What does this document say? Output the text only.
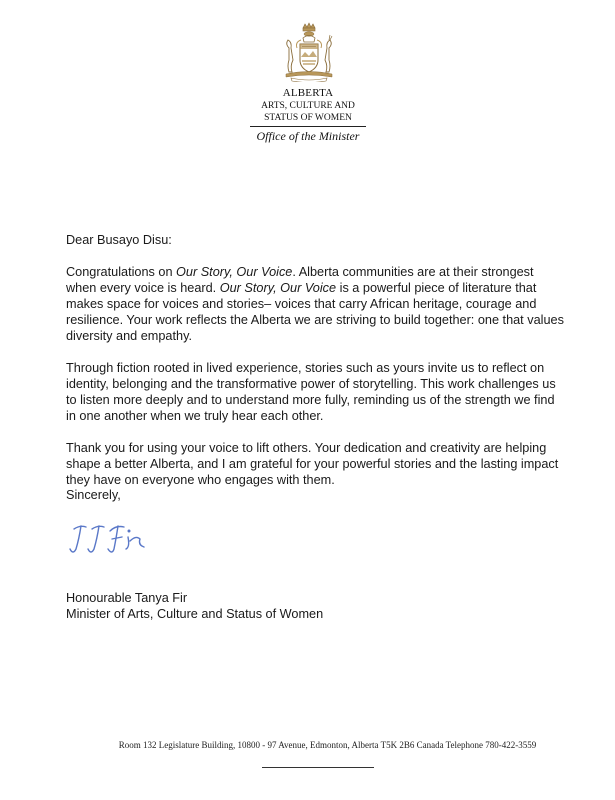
ALBERTA
ARTS, CULTURE AND
STATUS OF WOMEN
Office of the Minister
Dear Busayo Disu:
Congratulations on Our Story, Our Voice. Alberta communities are at their strongest when every voice is heard. Our Story, Our Voice is a powerful piece of literature that makes space for voices and stories– voices that carry African heritage, courage and resilience. Your work reflects the Alberta we are striving to build together: one that values diversity and empathy.
Through fiction rooted in lived experience, stories such as yours invite us to reflect on identity, belonging and the transformative power of storytelling. This work challenges us to listen more deeply and to understand more fully, reminding us of the strength we find in one another when we truly hear each other.
Thank you for using your voice to lift others. Your dedication and creativity are helping shape a better Alberta, and I am grateful for your powerful stories and the lasting impact they have on everyone who engages with them.
Sincerely,
Honourable Tanya Fir
Minister of Arts, Culture and Status of Women
Room 132 Legislature Building, 10800 - 97 Avenue, Edmonton, Alberta T5K 2B6 Canada Telephone 780-422-3559
